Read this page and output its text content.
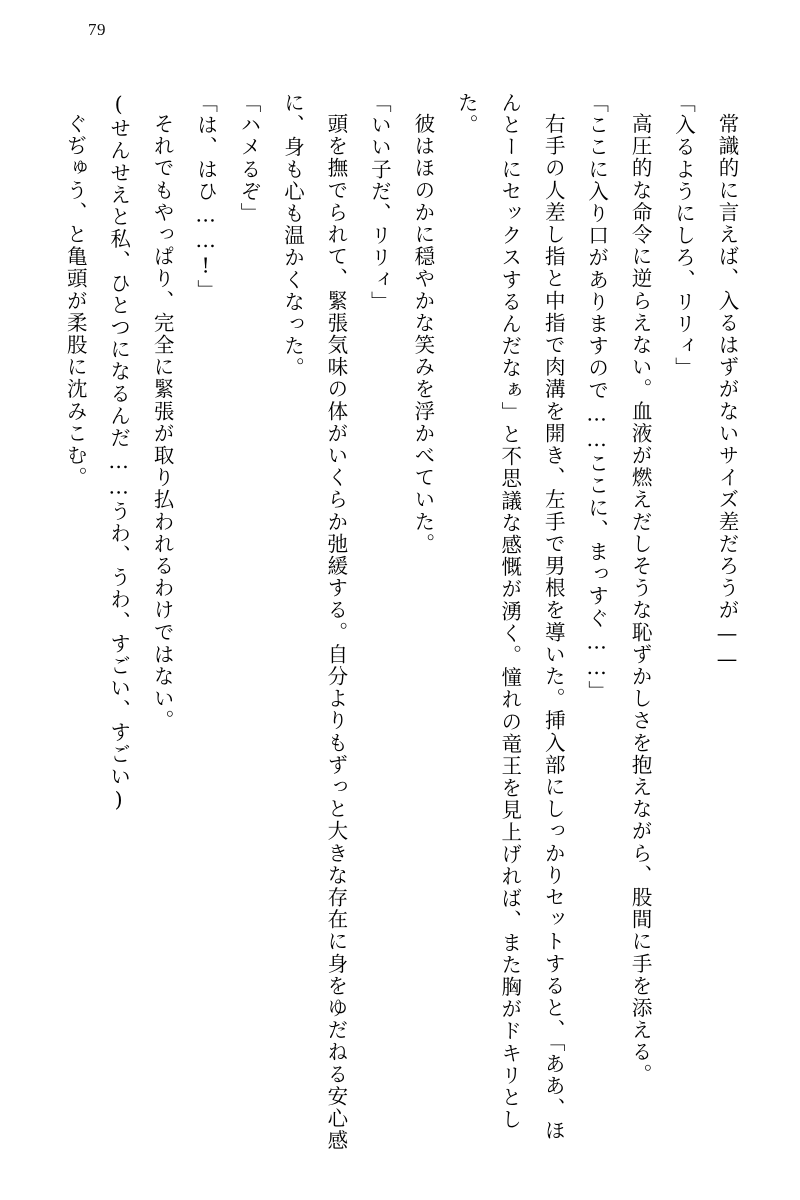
79

常識的に言えば、入るはずがないサイズ差だろうが——

「入るようにしろ、リリィ」

高圧的な命令に逆らえない。血液が燃えだしそうな恥ずかしさを抱えながら、股間に手を添える。

「ここに入り口がありますので……ここに、まっすぐ……」

右手の人差し指と中指で肉溝を開き、左手で男根を導いた。挿入部にしっかりセットすると、「ああ、ほんとーにセックスするんだなぁ」と不思議な感慨が湧く。憧れの竜王を見上げれば、また胸がドキリとした。

彼はほのかに穏やかな笑みを浮かべていた。

「いい子だ、リリィ」

頭を撫でられて、緊張気味の体がいくらか弛緩する。自分よりもずっと大きな存在に身をゆだねる安心感に、身も心も温かくなった。

「ハメるぞ」

「は、はひ……!」

それでもやっぱり、完全に緊張が取り払われるわけではない。

(せんせえと私、ひとつになるんだ……うわ、うわ、すごい、すごい)

ぐぢゅう、と亀頭が柔股に沈みこむ。
